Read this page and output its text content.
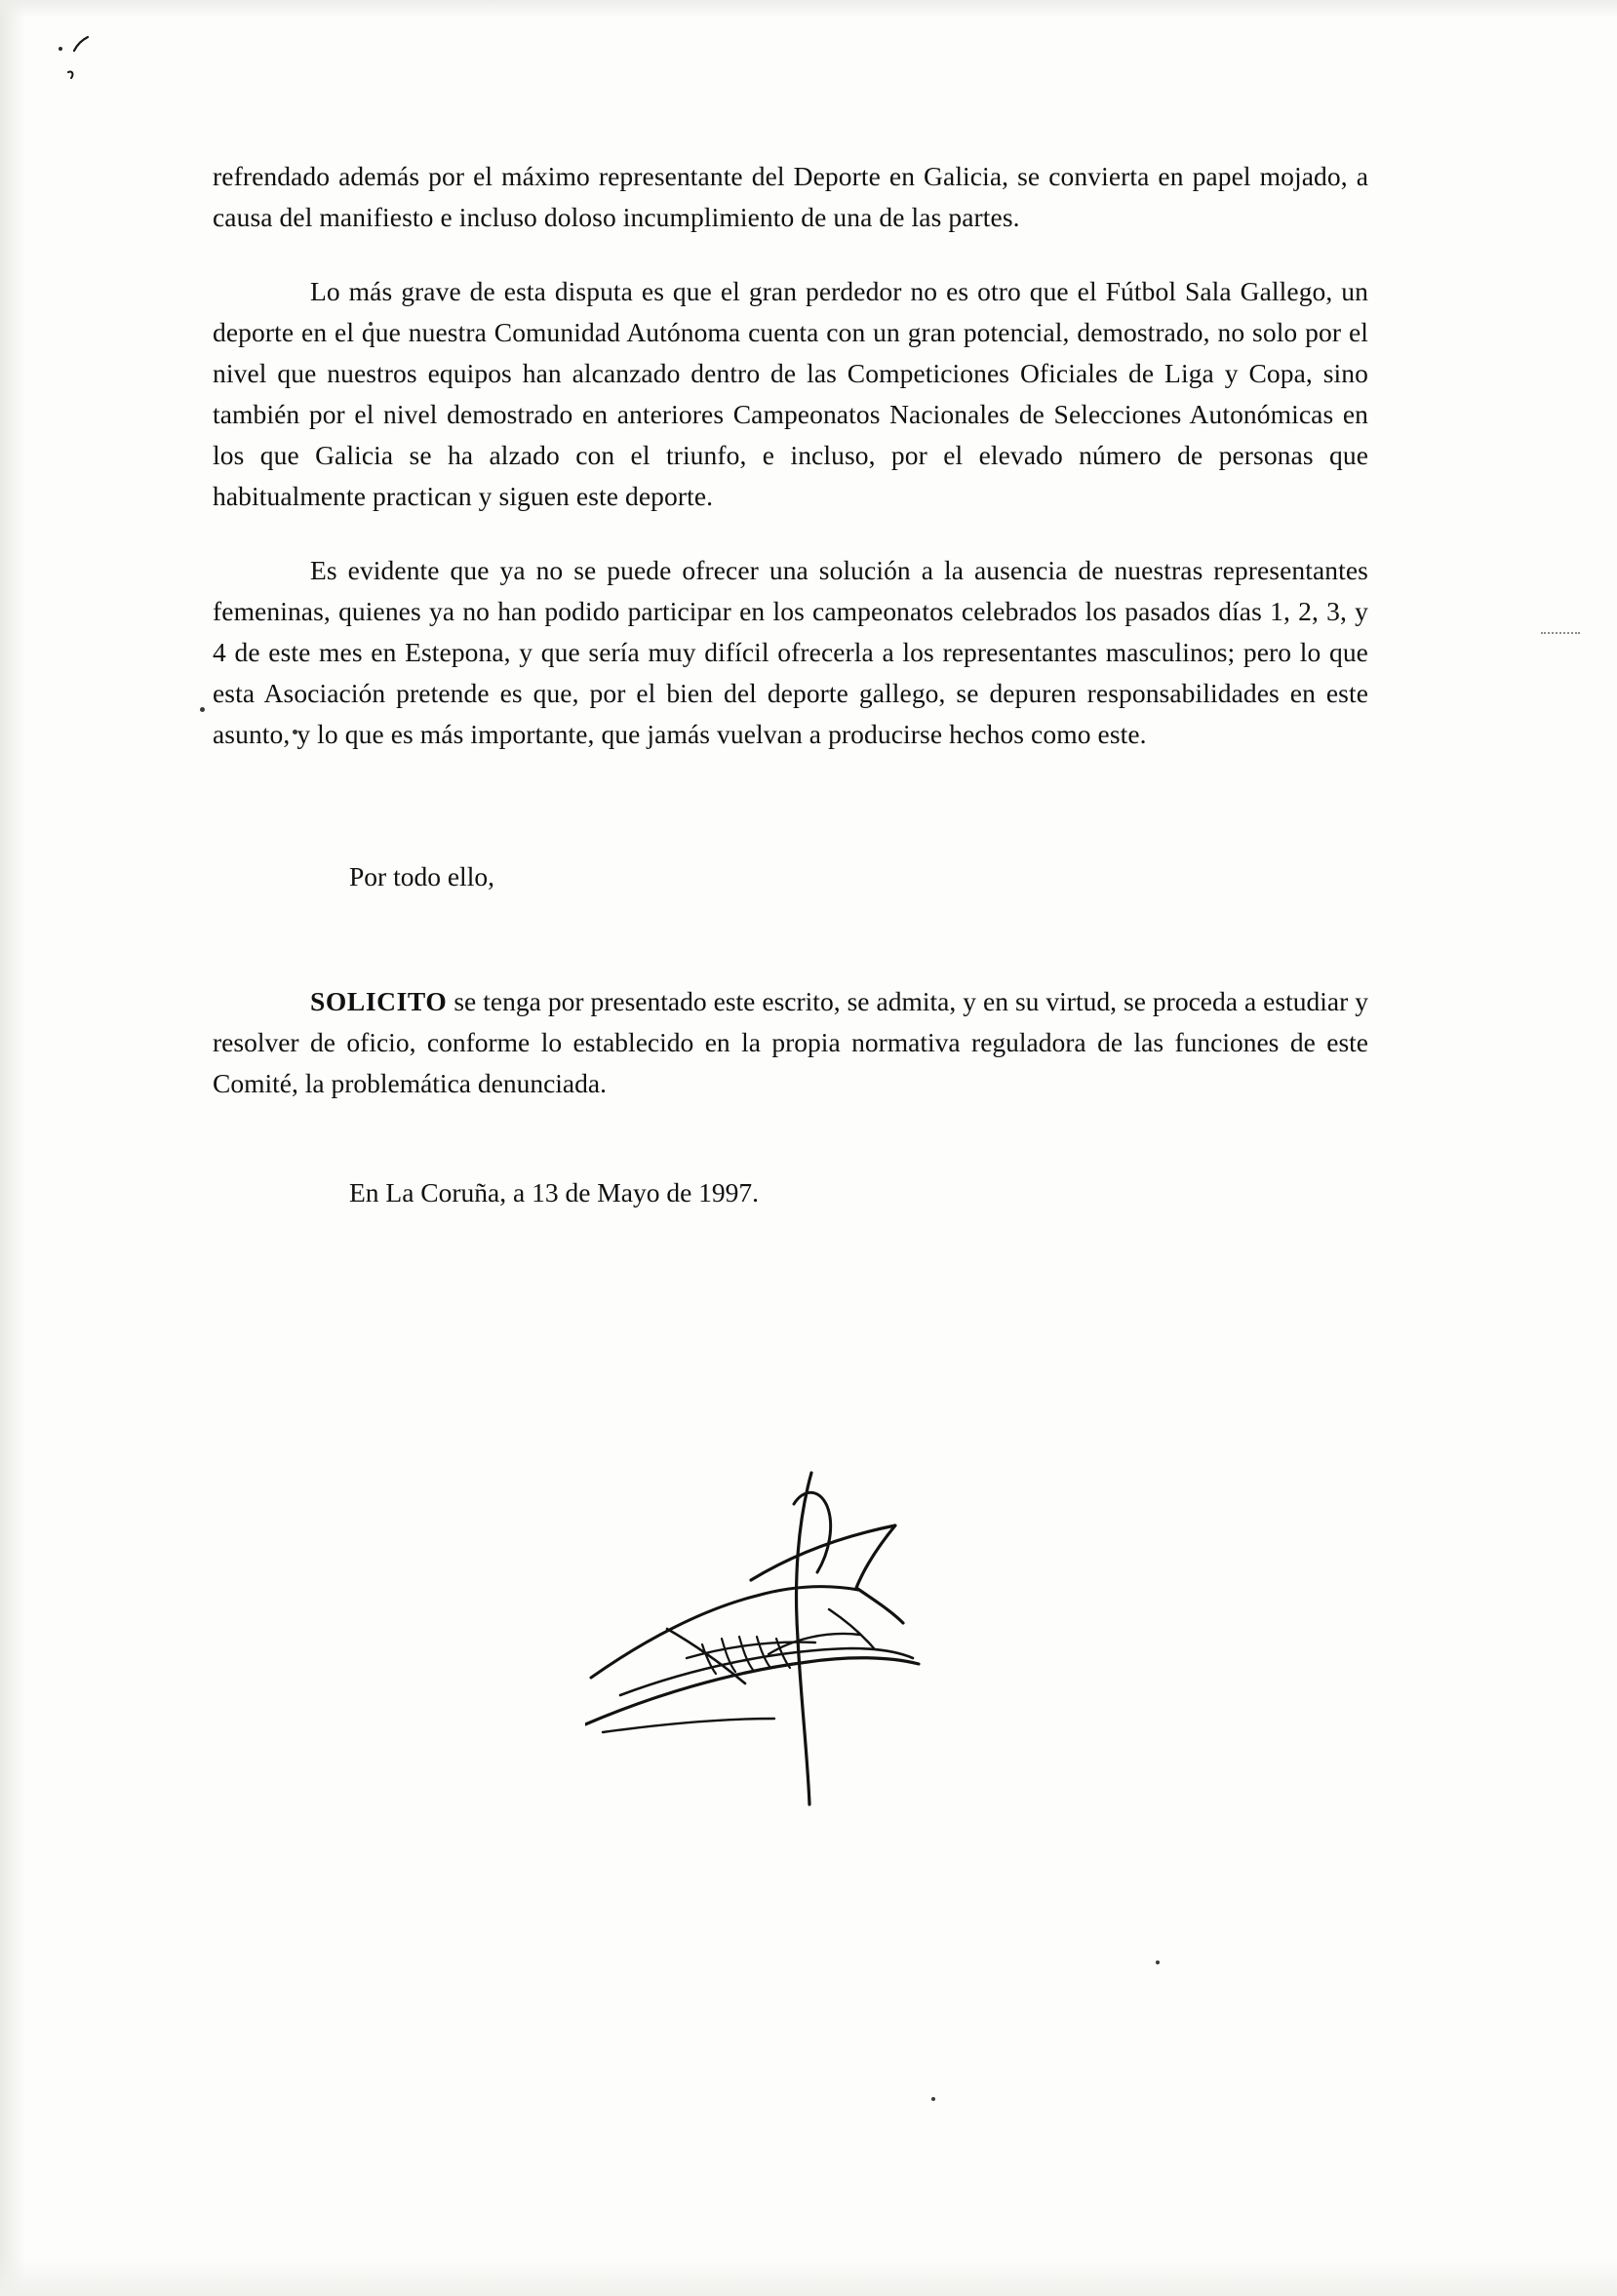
refrendado además por el máximo representante del Deporte en Galicia, se convierta en papel mojado, a causa del manifiesto e incluso doloso incumplimiento de una de las partes.

Lo más grave de esta disputa es que el gran perdedor no es otro que el Fútbol Sala Gallego, un deporte en el que nuestra Comunidad Autónoma cuenta con un gran potencial, demostrado, no solo por el nivel que nuestros equipos han alcanzado dentro de las Competiciones Oficiales de Liga y Copa, sino también por el nivel demostrado en anteriores Campeonatos Nacionales de Selecciones Autonómicas en los que Galicia se ha alzado con el triunfo, e incluso, por el elevado número de personas que habitualmente practican y siguen este deporte.

Es evidente que ya no se puede ofrecer una solución a la ausencia de nuestras representantes femeninas, quienes ya no han podido participar en los campeonatos celebrados los pasados días 1, 2, 3, y 4 de este mes en Estepona, y que sería muy difícil ofrecerla a los representantes masculinos; pero lo que esta Asociación pretende es que, por el bien del deporte gallego, se depuren responsabilidades en este asunto, y lo que es más importante, que jamás vuelvan a producirse hechos como este.

Por todo ello,

SOLICITO se tenga por presentado este escrito, se admita, y en su virtud, se proceda a estudiar y resolver de oficio, conforme lo establecido en la propia normativa reguladora de las funciones de este Comité, la problemática denunciada.

En La Coruña, a 13 de Mayo de 1997.
